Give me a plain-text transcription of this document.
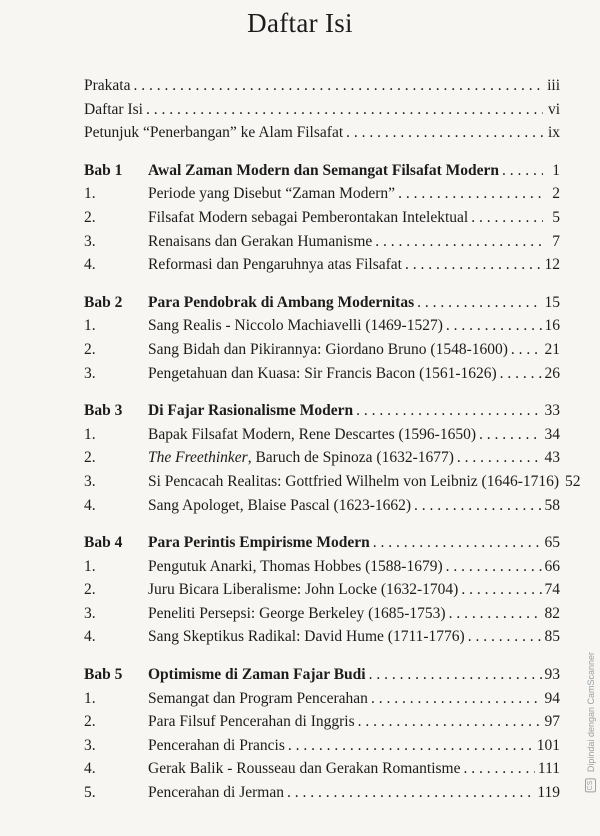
Daftar Isi
Prakata . . .	iii
Daftar Isi . . .	vi
Petunjuk “Penerbangan” ke Alam Filsafat . . .	ix
Bab 1	Awal Zaman Modern dan Semangat Filsafat Modern . . .	1
1.	Periode yang Disebut “Zaman Modern” . . .	2
2.	Filsafat Modern sebagai Pemberontakan Intelektual . . .	5
3.	Renaisans dan Gerakan Humanisme . . .	7
4.	Reformasi dan Pengaruhnya atas Filsafat . . .	12
Bab 2	Para Pendobrak di Ambang Modernitas . . .	15
1.	Sang Realis - Niccolo Machiavelli (1469-1527) . . .	16
2.	Sang Bidah dan Pikirannya: Giordano Bruno (1548-1600) . . . 21
3.	Pengetahuan dan Kuasa: Sir Francis Bacon (1561-1626) . . .	26
Bab 3	Di Fajar Rasionalisme Modern . . .	33
1.	Bapak Filsafat Modern, Rene Descartes (1596-1650) . . .	34
2.	The Freethinker, Baruch de Spinoza (1632-1677) . . .	43
3.	Si Pencacah Realitas: Gottfried Wilhelm von Leibniz (1646-1716) 52
4.	Sang Apologet, Blaise Pascal (1623-1662) . . .	58
Bab 4	Para Perintis Empirisme Modern . . .	65
1.	Pengutuk Anarki, Thomas Hobbes (1588-1679) . . .	66
2.	Juru Bicara Liberalisme: John Locke (1632-1704) . . .	74
3.	Peneliti Persepsi: George Berkeley (1685-1753) . . .	82
4.	Sang Skeptikus Radikal: David Hume (1711-1776) . . .	85
Bab 5	Optimisme di Zaman Fajar Budi . . .	93
1.	Semangat dan Program Pencerahan . . .	94
2.	Para Filsuf Pencerahan di Inggris . . .	97
3.	Pencerahan di Prancis . . .	101
4.	Gerak Balik - Rousseau dan Gerakan Romantisme . . .	111
5.	Pencerahan di Jerman . . .	119	CS Dipindai dengan CamScanner
